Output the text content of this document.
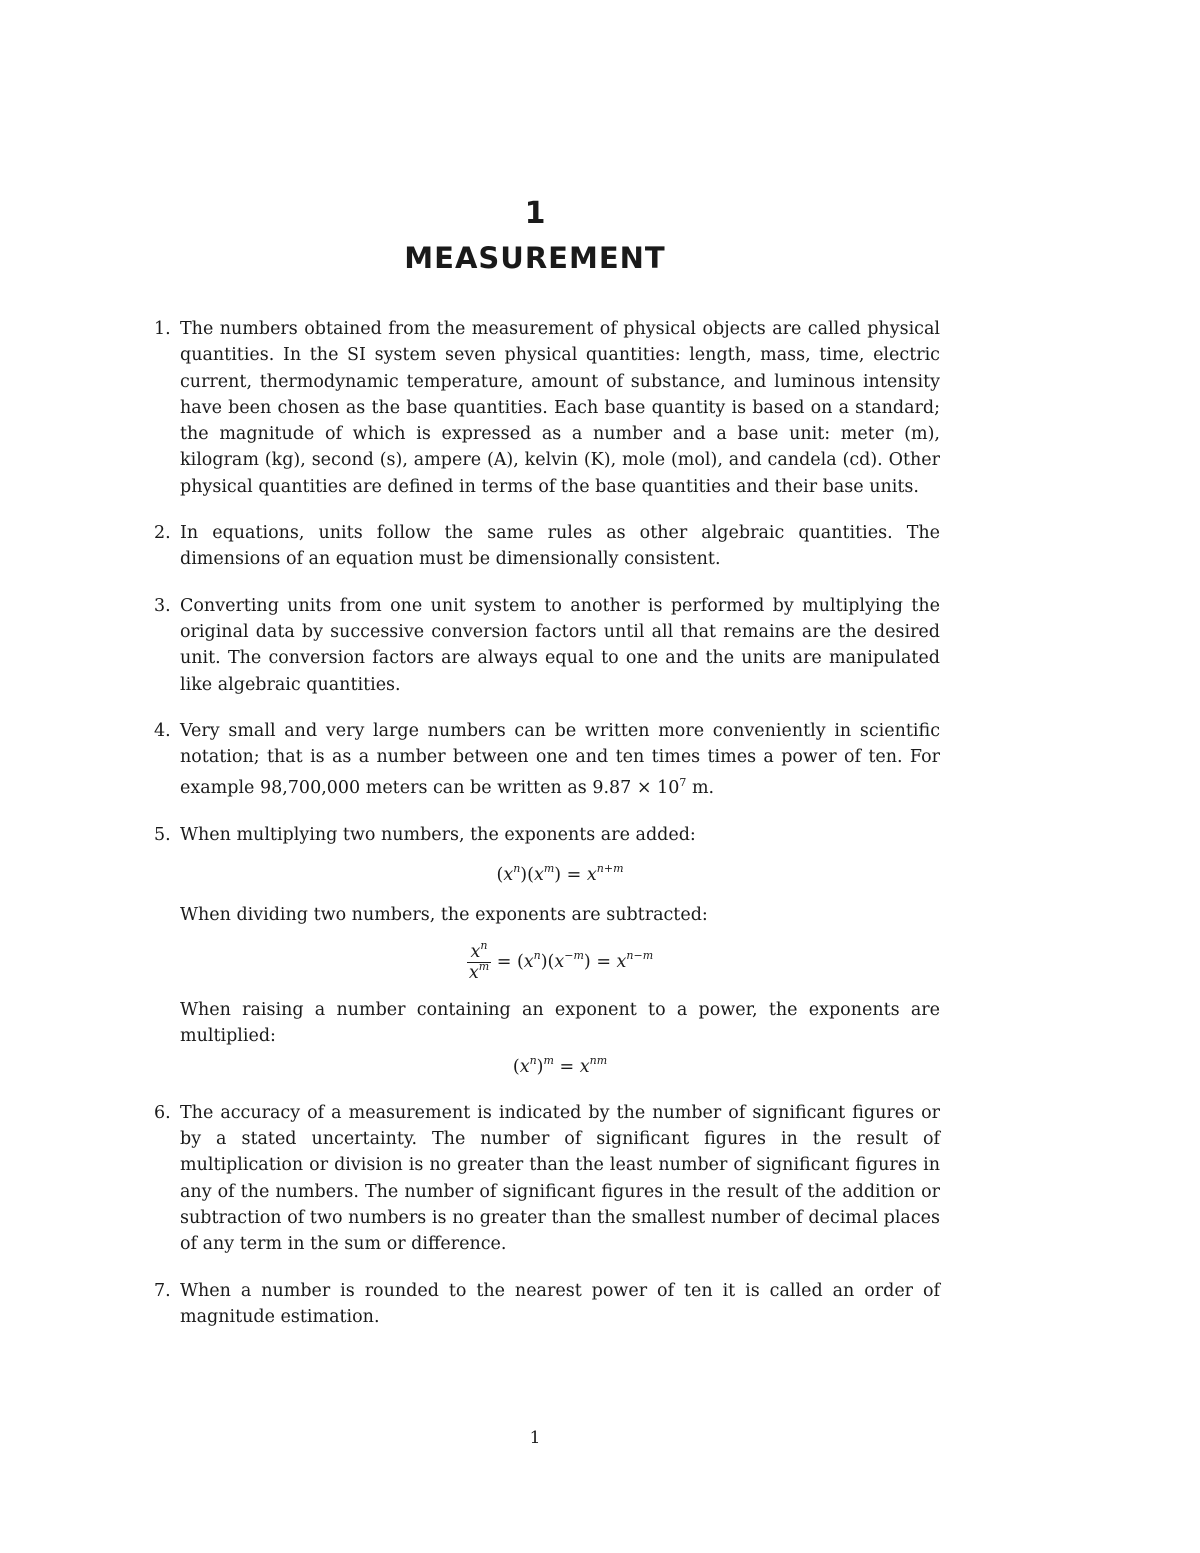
1
MEASUREMENT
1. The numbers obtained from the measurement of physical objects are called physical quantities. In the SI system seven physical quantities: length, mass, time, electric current, thermodynamic temperature, amount of substance, and luminous intensity have been chosen as the base quantities. Each base quantity is based on a standard; the magnitude of which is expressed as a number and a base unit: meter (m), kilogram (kg), second (s), ampere (A), kelvin (K), mole (mol), and candela (cd). Other physical quantities are defined in terms of the base quantities and their base units.

2. In equations, units follow the same rules as other algebraic quantities. The dimensions of an equation must be dimensionally consistent.

3. Converting units from one unit system to another is performed by multiplying the original data by successive conversion factors until all that remains are the desired unit. The conversion factors are always equal to one and the units are manipulated like algebraic quantities.

4. Very small and very large numbers can be written more conveniently in scientific notation; that is as a number between one and ten times times a power of ten. For example 98,700,000 meters can be written as $9.87 \times 10^7$ m.

5. When multiplying two numbers, the exponents are added:

$(x^n)(x^m) = x^{n+m}$

When dividing two numbers, the exponents are subtracted:

$\frac{x^n}{x^m} = (x^n)(x^{-m}) = x^{n-m}$

When raising a number containing an exponent to a power, the exponents are multiplied:

$(x^n)^m = x^{nm}$
6. The accuracy of a measurement is indicated by the number of significant figures or by a stated uncertainty. The number of significant figures in the result of multiplication or division is no greater than the least number of significant figures in any of the numbers. The number of significant figures in the result of the addition or subtraction of two numbers is no greater than the smallest number of decimal places of any term in the sum or difference.

7. When a number is rounded to the nearest power of ten it is called an order of magnitude estimation.

1
